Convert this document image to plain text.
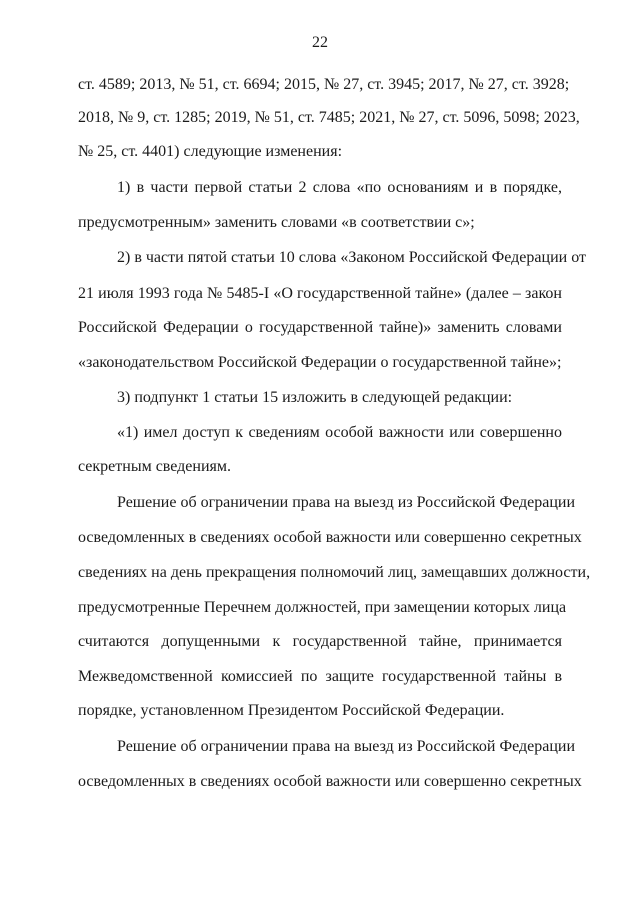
22
ст. 4589; 2013, № 51, ст. 6694; 2015, № 27, ст. 3945; 2017, № 27, ст. 3928;
2018, № 9, ст. 1285; 2019, № 51, ст. 7485; 2021, № 27, ст. 5096, 5098; 2023,
№ 25, ст. 4401) следующие изменения:
1) в части первой статьи 2 слова «по основаниям и в порядке,
предусмотренным» заменить словами «в соответствии с»;
2) в части пятой статьи 10 слова «Законом Российской Федерации от
21 июля 1993 года № 5485-I «О государственной тайне» (далее – закон
Российской Федерации о государственной тайне)» заменить словами
«законодательством Российской Федерации о государственной тайне»;
3) подпункт 1 статьи 15 изложить в следующей редакции:
«1) имел доступ к сведениям особой важности или совершенно
секретным сведениям.
Решение об ограничении права на выезд из Российской Федерации
осведомленных в сведениях особой важности или совершенно секретных
сведениях на день прекращения полномочий лиц, замещавших должности,
предусмотренные Перечнем должностей, при замещении которых лица
считаются допущенными к государственной тайне, принимается
Межведомственной комиссией по защите государственной тайны в
порядке, установленном Президентом Российской Федерации.
Решение об ограничении права на выезд из Российской Федерации
осведомленных в сведениях особой важности или совершенно секретных
